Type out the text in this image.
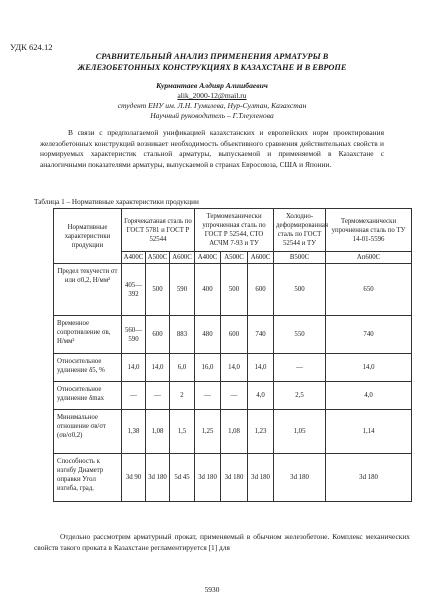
УДК 624.12
СРАВНИТЕЛЬНЫЙ АНАЛИЗ ПРИМЕНЕНИЯ АРМАТУРЫ В
ЖЕЛЕЗОБЕТОННЫХ КОНСТРУКЦИЯХ В КАЗАХСТАНЕ И В ЕВРОПЕ
Курмантаев Алдияр Алишбаевич
alik_2000-12@mail.ru
студент ЕНУ им. Л.Н. Гумилева, Нур-Султан, Казахстан
Научный руководитель – Г.Тлеуленова

В связи с предполагаемой унификацией казахстанских и европейских норм проектирования железобетонных конструкций возникает необходимость объективного сравнения действительных свойств и нормируемых характеристик стальной арматуры, выпускаемой и применяемой в Казахстане с аналогичными показателями арматуры, выпускаемой в странах Евросоюза, США и Японии.

Таблица 1 – Нормативные характеристики продукции
Нормативные характеристики продукции	Горячекатаная сталь по ГОСТ 5781 и ГОСТ Р 52544			Термомеханически упрочненная сталь по ГОСТ Р 52544, СТО АСЧМ 7-93 и ТУ			Холодно-деформированная сталь по ГОСТ 52544 и ТУ	Термомеханически упрочненная сталь по ТУ 14-01-5596
	А400С	А500С	А600С	А400С	А500С	А600С	В500С	Ап600С
Предел текучести σт или σ0,2, Н/мм²	405—392	500	590	400	500	600	500	650
Временное сопротивление σв, Н/мм²	560—590	600	883	480	600	740	550	740
Относительное удлинение δ5, %	14,0	14,0	6,0	16,0	14,0	14,0	—	14,0
Относительное удлинение δmax	—	—	2	—	—	4,0	2,5	4,0
Минимальное отношение σв/σт (σв/σ0,2)	1,38	1,08	1,5	1,25	1,08	1,23	1,05	1,14
Способность к изгибу Диаметр оправки Угол изгиба, град.	3d 90	3d 180	5d 45	3d 180	3d 180	3d 180	3d 180	3d 180

Отдельно рассмотрим арматурный прокат, применяемый в обычном железобетоне. Комплекс механических свойств такого проката в Казахстане регламентируется [1] для

5930
